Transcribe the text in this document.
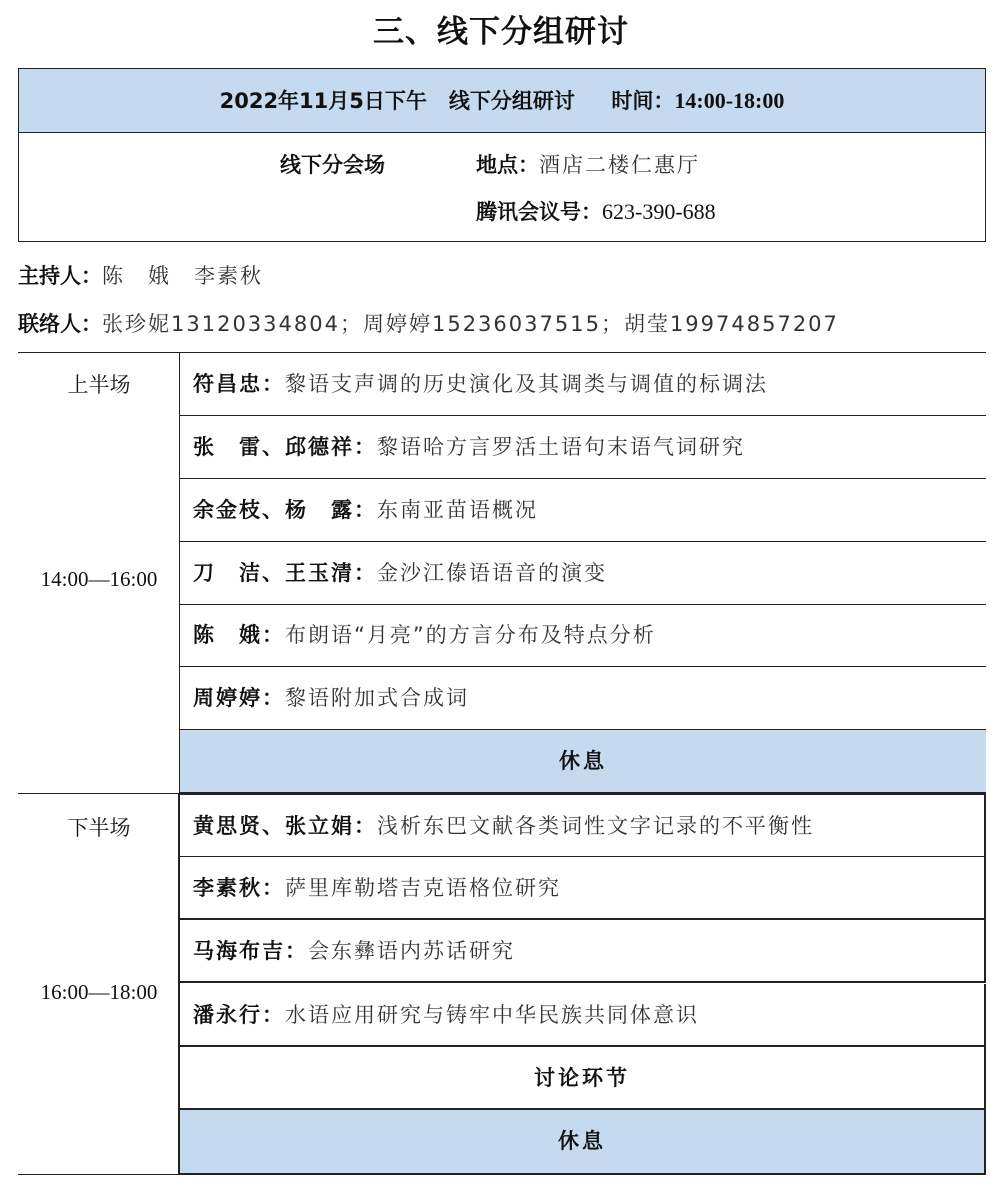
三、线下分组研讨
2022年11月5日下午 线下分组研讨 时间：14:00-18:00
线下分会场	地点：酒店二楼仁惠厅
腾讯会议号：623-390-688
主持人：陈　娥　李素秋
联络人：张珍妮13120334804；周婷婷15236037515；胡莹19974857207
上半场
14:00—16:00
符昌忠：黎语支声调的历史演化及其调类与调值的标调法
张　雷、邱德祥：黎语哈方言罗活土语句末语气词研究
余金枝、杨　露：东南亚苗语概况
刀　洁、王玉清：金沙江傣语语音的演变
陈　娥：布朗语“月亮”的方言分布及特点分析
周婷婷：黎语附加式合成词
休息
下半场
16:00—18:00
黄思贤、张立娟：浅析东巴文献各类词性文字记录的不平衡性
李素秋：萨里库勒塔吉克语格位研究
马海布吉：会东彝语内苏话研究
潘永行：水语应用研究与铸牢中华民族共同体意识
讨论环节
休息
